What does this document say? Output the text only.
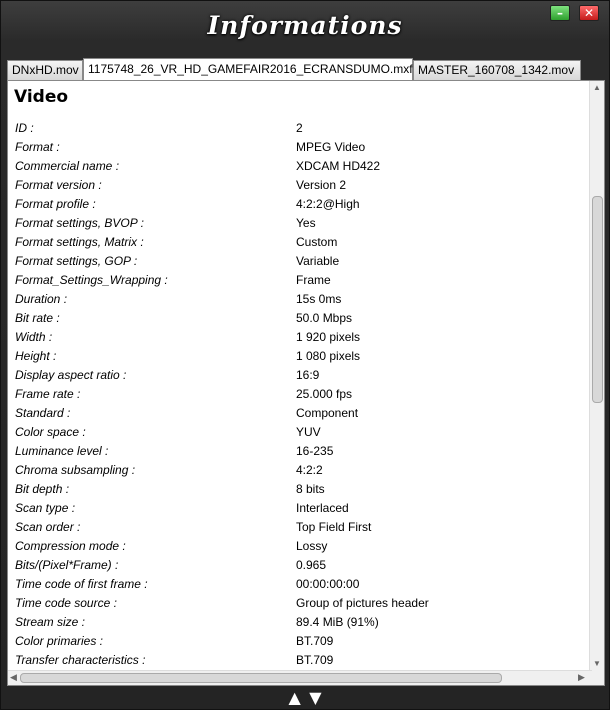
Informations	–	✕
DNxHD.mov 1175748_26_VR_HD_GAMEFAIR2016_ECRANSDUMO.mxf MASTER_160708_1342.mov
Video
ID :	2
Format :	MPEG Video
Commercial name :	XDCAM HD422
Format version :	Version 2
Format profile :	4:2:2@High
Format settings, BVOP :	Yes
Format settings, Matrix :	Custom
Format settings, GOP :	Variable
Format_Settings_Wrapping :	Frame
Duration :	15s 0ms
Bit rate :	50.0 Mbps
Width :	1 920 pixels
Height :	1 080 pixels
Display aspect ratio :	16:9
Frame rate :	25.000 fps
Standard :	Component
Color space :	YUV
Luminance level :	16-235
Chroma subsampling :	4:2:2
Bit depth :	8 bits
Scan type :	Interlaced
Scan order :	Top Field First
Compression mode :	Lossy
Bits/(Pixel*Frame) :	0.965
Time code of first frame :	00:00:00:00
Time code source :	Group of pictures header
Stream size :	89.4 MiB (91%)
Color primaries :	BT.709
Transfer characteristics :	BT.709
▲
▼
◀	▶
▲ ▼
